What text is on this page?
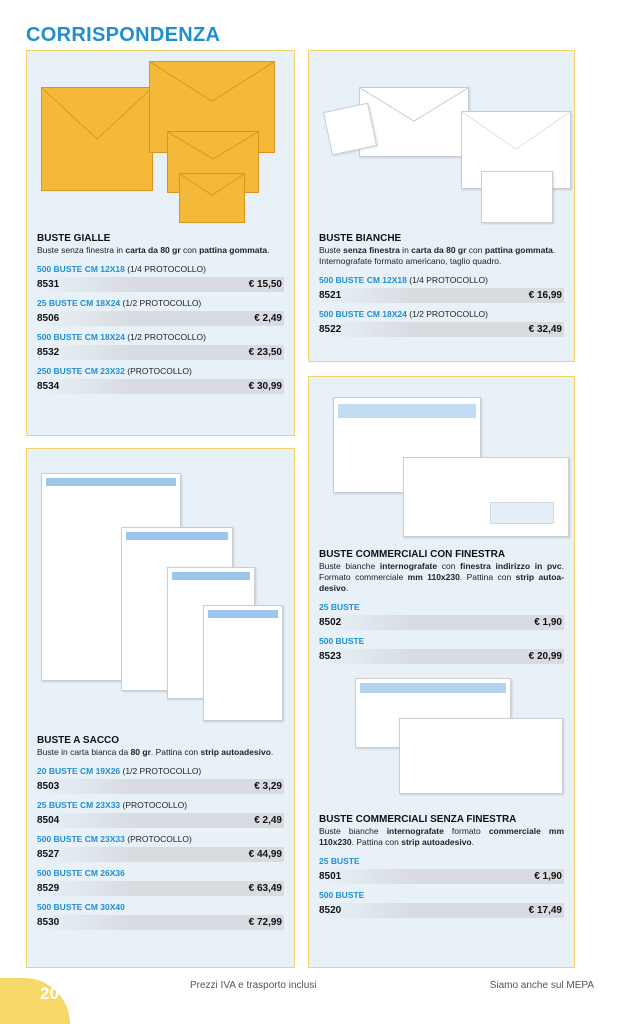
CORRISPONDENZA
BUSTE GIALLE
Buste senza finestra in carta da 80 gr con pattina gommata.
500 BUSTE CM 12X18 (1/4 PROTOCOLLO)
8531	€ 15,50
25 BUSTE CM 18X24 (1/2 PROTOCOLLO)
8506	€ 2,49
500 BUSTE CM 18X24 (1/2 PROTOCOLLO)
8532	€ 23,50
250 BUSTE CM 23X32 (PROTOCOLLO)
8534	€ 30,99
BUSTE BIANCHE
Buste senza finestra in carta da 80 gr con pattina gommata. Internografate formato americano, taglio quadro.
500 BUSTE CM 12X18 (1/4 PROTOCOLLO)
8521	€ 16,99
500 BUSTE CM 18X24 (1/2 PROTOCOLLO)
8522	€ 32,49
BUSTE A SACCO
Buste in carta bianca da 80 gr. Pattina con strip autoadesivo.
20 BUSTE CM 19X26 (1/2 PROTOCOLLO)
8503	€ 3,29
25 BUSTE CM 23X33 (PROTOCOLLO)
8504	€ 2,49
500 BUSTE CM 23X33 (PROTOCOLLO)
8527	€ 44,99
500 BUSTE CM 26X36
8529	€ 63,49
500 BUSTE CM 30X40
8530	€ 72,99
BUSTE COMMERCIALI CON FINESTRA
Buste bianche internografate con finestra indirizzo in pvc. Formato commerciale mm 110x230. Pattina con strip autoa-desivo.
25 BUSTE
8502	€ 1,90
500 BUSTE
8523	€ 20,99
BUSTE COMMERCIALI SENZA FINESTRA
Buste bianche internografate formato commerciale mm 110x230. Pattina con strip autoadesivo.
25 BUSTE
8501	€ 1,90
500 BUSTE
8520	€ 17,49
20	Prezzi IVA e trasporto inclusi	Siamo anche sul MEPA
